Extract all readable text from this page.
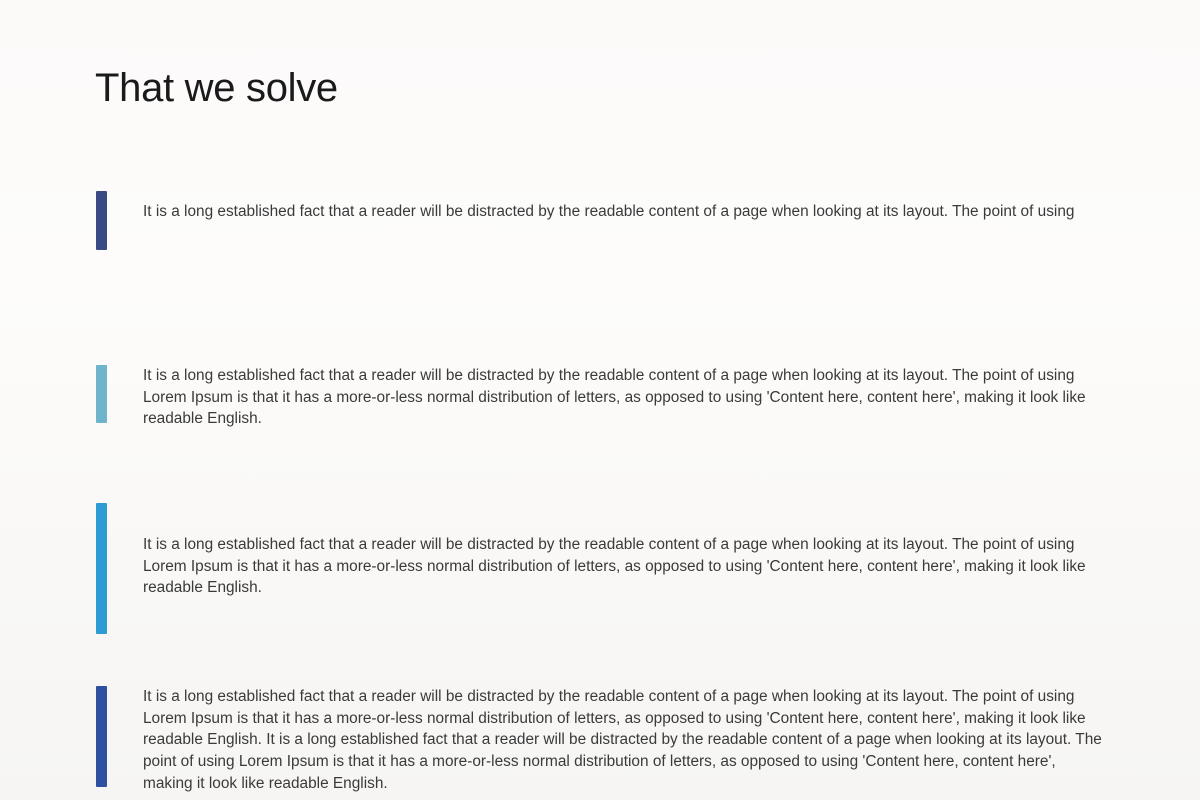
That we solve

It is a long established fact that a reader will be distracted by the readable content of a page when looking at its layout. The point of using

It is a long established fact that a reader will be distracted by the readable content of a page when looking at its layout. The point of using Lorem Ipsum is that it has a more-or-less normal distribution of letters, as opposed to using 'Content here, content here', making it look like readable English.

It is a long established fact that a reader will be distracted by the readable content of a page when looking at its layout. The point of using Lorem Ipsum is that it has a more-or-less normal distribution of letters, as opposed to using 'Content here, content here', making it look like readable English.

It is a long established fact that a reader will be distracted by the readable content of a page when looking at its layout. The point of using Lorem Ipsum is that it has a more-or-less normal distribution of letters, as opposed to using 'Content here, content here', making it look like readable English. It is a long established fact that a reader will be distracted by the readable content of a page when looking at its layout. The point of using Lorem Ipsum is that it has a more-or-less normal distribution of letters, as opposed to using 'Content here, content here', making it look like readable English.
